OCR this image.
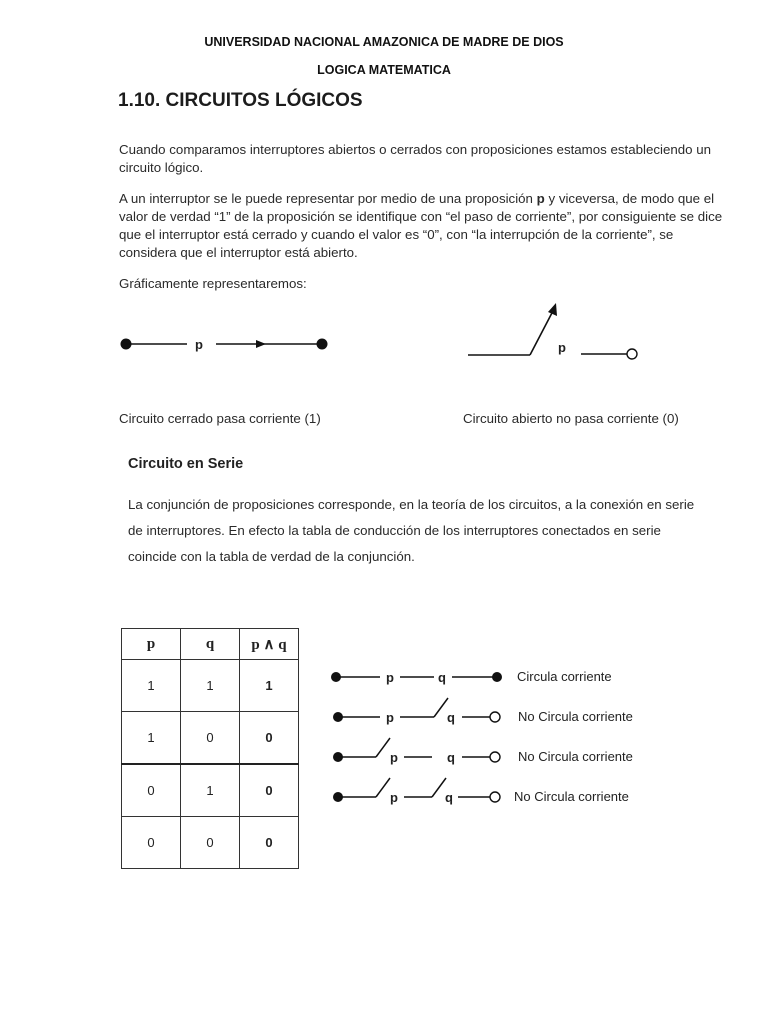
UNIVERSIDAD NACIONAL AMAZONICA DE MADRE DE DIOS
LOGICA MATEMATICA
1.10. CIRCUITOS LÓGICOS
Cuando comparamos interruptores abiertos o cerrados con proposiciones estamos estableciendo un circuito lógico.
A un interruptor se le puede representar por medio de una proposición p y viceversa, de modo que el valor de verdad “1” de la proposición se identifique con “el paso de corriente”, por consiguiente se dice que el interruptor está cerrado y cuando el valor es “0”, con “la interrupción de la corriente”, se considera que el interruptor está abierto.
Gráficamente representaremos:
p	p
Circuito cerrado pasa corriente (1)	Circuito abierto no pasa corriente (0)
Circuito en Serie
La conjunción de proposiciones corresponde, en la teoría de los circuitos, a la conexión en serie de interruptores. En efecto la tabla de conducción de los interruptores conectados en serie coincide con la tabla de verdad de la conjunción.
p	q	p ∧ q
1	1	1
1	0	0
0	1	0
0	0	0
p	q
p	q
p	q
p	q
Circula corriente
No Circula corriente
No Circula corriente
No Circula corriente
